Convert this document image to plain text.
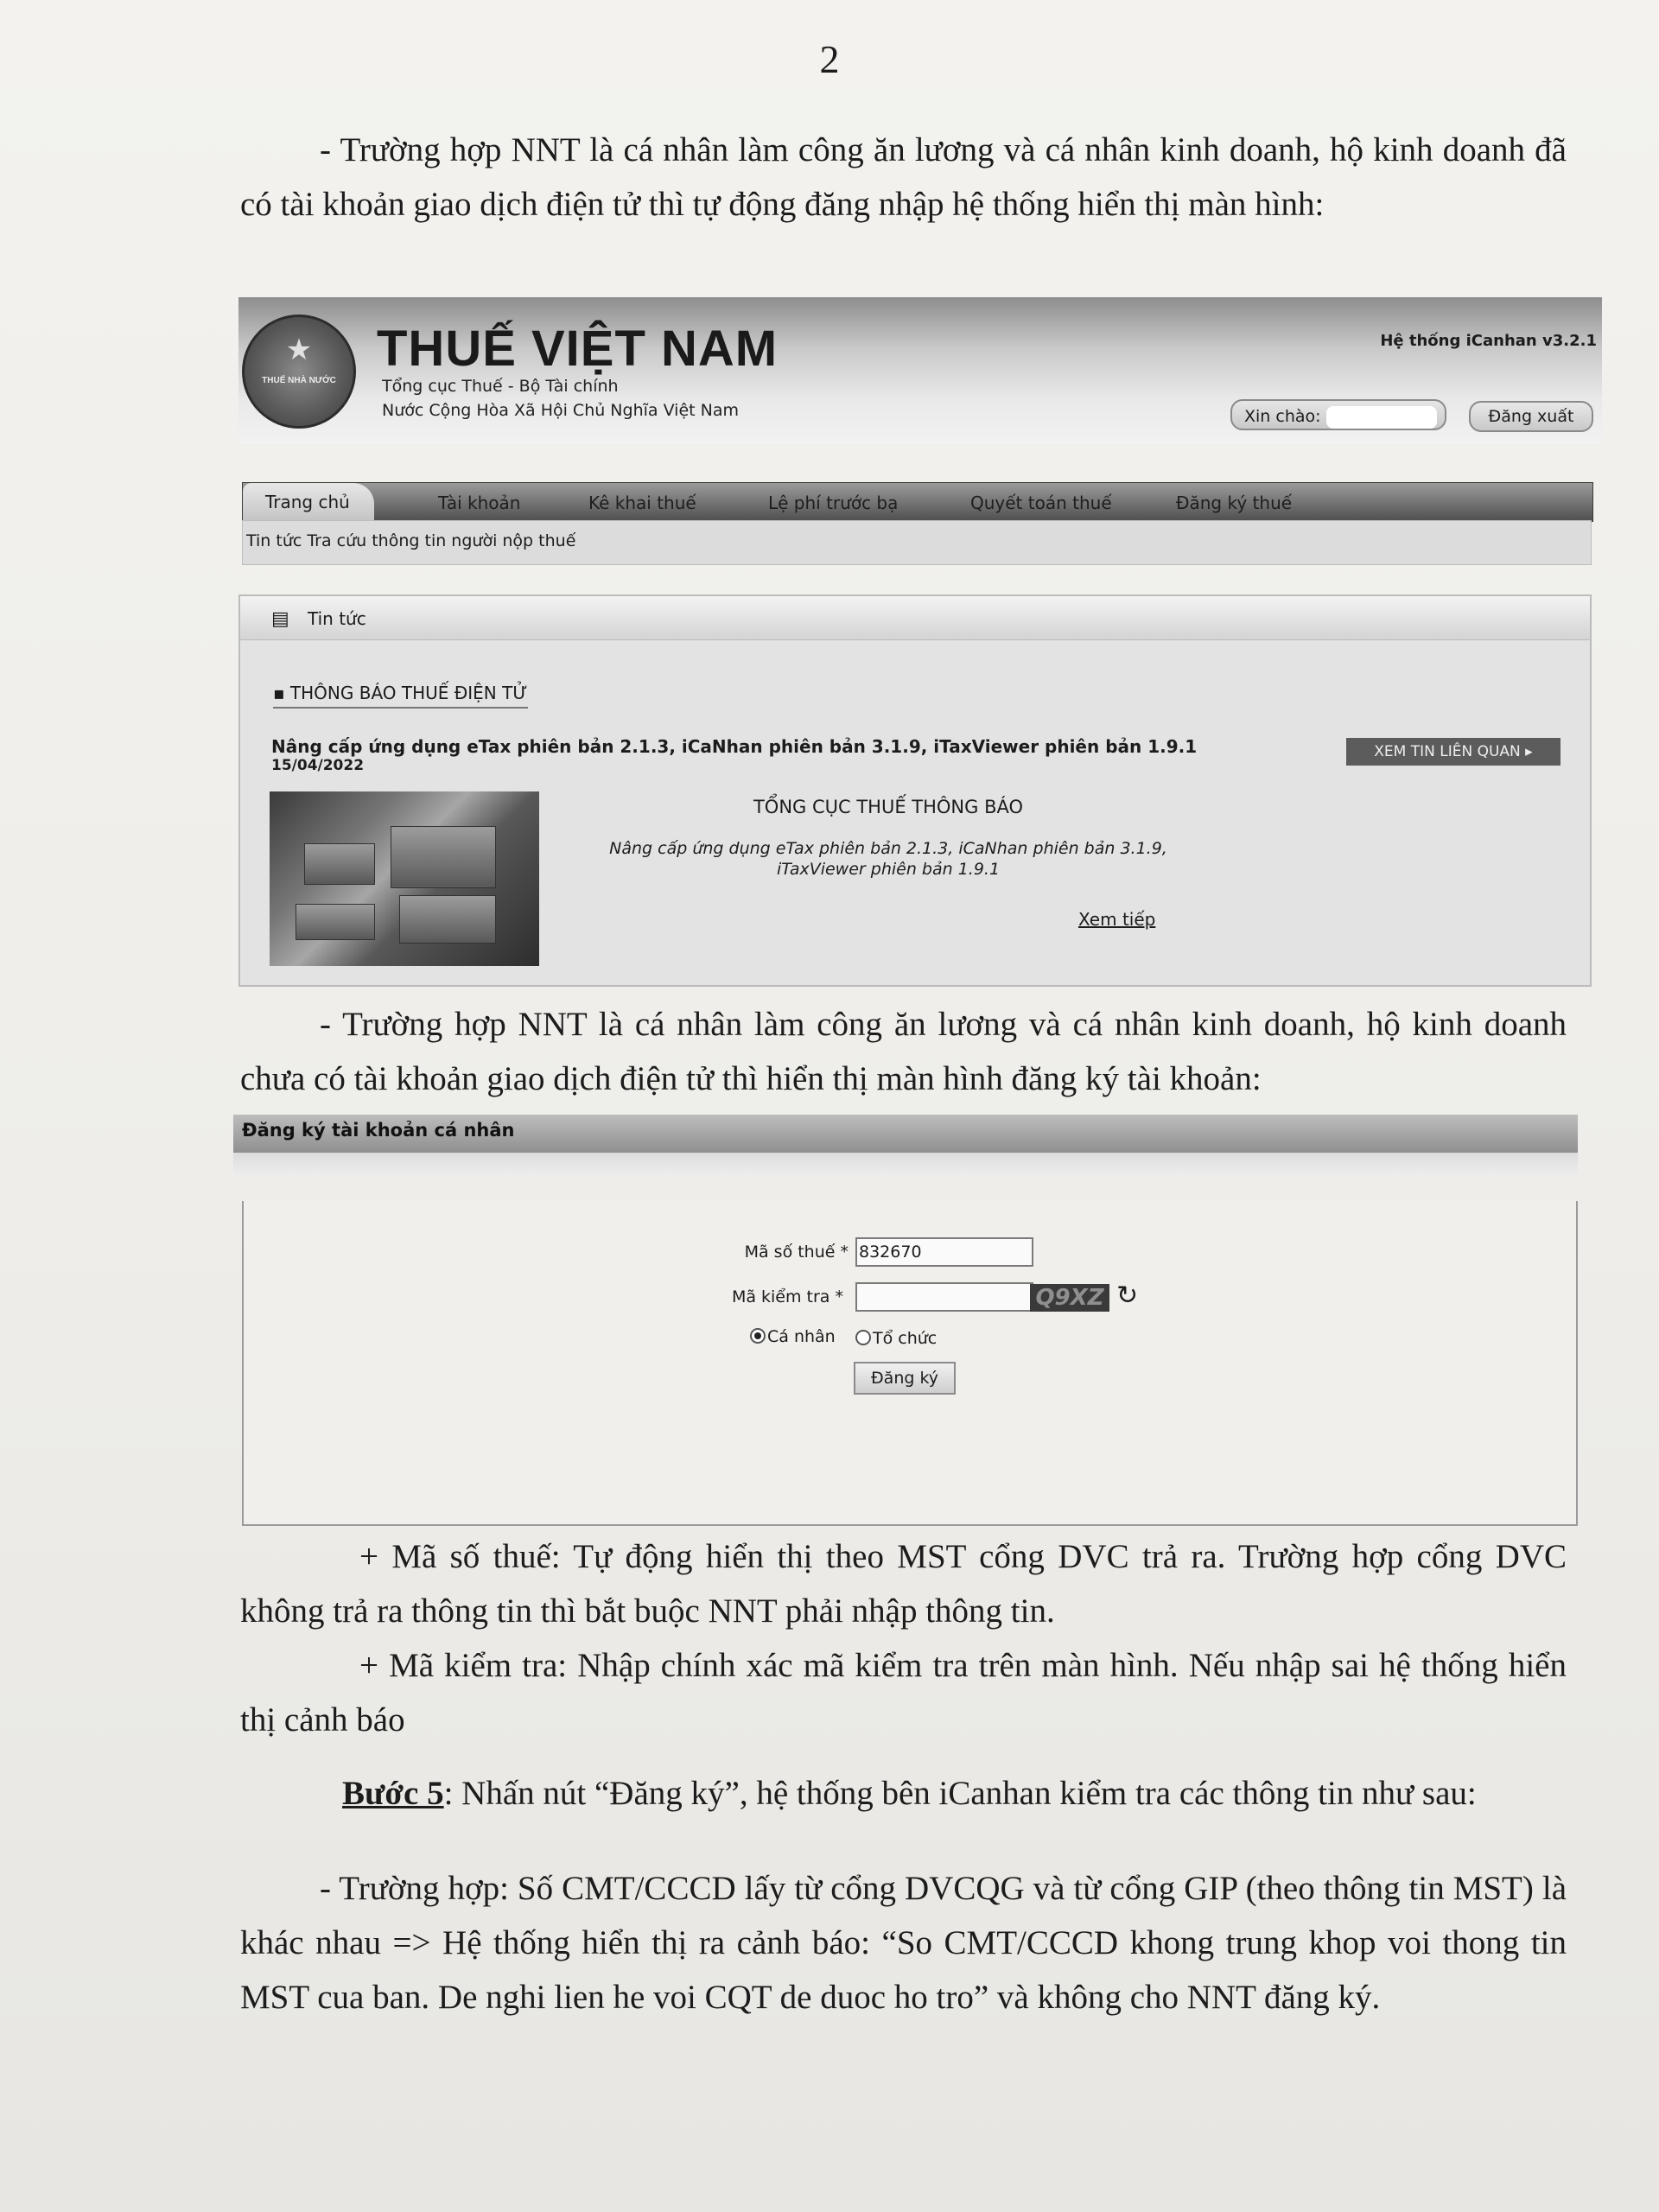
2

- Trường hợp NNT là cá nhân làm công ăn lương và cá nhân kinh doanh, hộ kinh doanh đã có tài khoản giao dịch điện tử thì tự động đăng nhập hệ thống hiển thị màn hình:

★
THUẾ NHÀ NƯỚC
THUẾ VIỆT NAM
Tổng cục Thuế - Bộ Tài chính
Nước Cộng Hòa Xã Hội Chủ Nghĩa Việt Nam
Hệ thống iCanhan v3.2.1
Xin chào:	Đăng xuất
Trang chủ	Tài khoản	Kê khai thuế	Lệ phí trước bạ	Quyết toán thuế	Đăng ký thuế
Tin tức Tra cứu thông tin người nộp thuế
▤ Tin tức
▪ THÔNG BÁO THUẾ ĐIỆN TỬ
Nâng cấp ứng dụng eTax phiên bản 2.1.3, iCaNhan phiên bản 3.1.9, iTaxViewer phiên bản 1.9.1
15/04/2022
XEM TIN LIÊN QUAN ▸
TỔNG CỤC THUẾ THÔNG BÁO
Nâng cấp ứng dụng eTax phiên bản 2.1.3, iCaNhan phiên bản 3.1.9,
iTaxViewer phiên bản 1.9.1
Xem tiếp

- Trường hợp NNT là cá nhân làm công ăn lương và cá nhân kinh doanh, hộ kinh doanh chưa có tài khoản giao dịch điện tử thì hiển thị màn hình đăng ký tài khoản:

Đăng ký tài khoản cá nhân
Mã số thuế * 832670
Mã kiểm tra *	Q9XZ ↻
Cá nhân	Tổ chức
Đăng ký

+ Mã số thuế: Tự động hiển thị theo MST cổng DVC trả ra. Trường hợp cổng DVC không trả ra thông tin thì bắt buộc NNT phải nhập thông tin.

+ Mã kiểm tra: Nhập chính xác mã kiểm tra trên màn hình. Nếu nhập sai hệ thống hiển thị cảnh báo

Bước 5: Nhấn nút “Đăng ký”, hệ thống bên iCanhan kiểm tra các thông tin như sau:

- Trường hợp: Số CMT/CCCD lấy từ cổng DVCQG và từ cổng GIP (theo thông tin MST) là khác nhau => Hệ thống hiển thị ra cảnh báo: “So CMT/CCCD khong trung khop voi thong tin MST cua ban. De nghi lien he voi CQT de duoc ho tro” và không cho NNT đăng ký.
